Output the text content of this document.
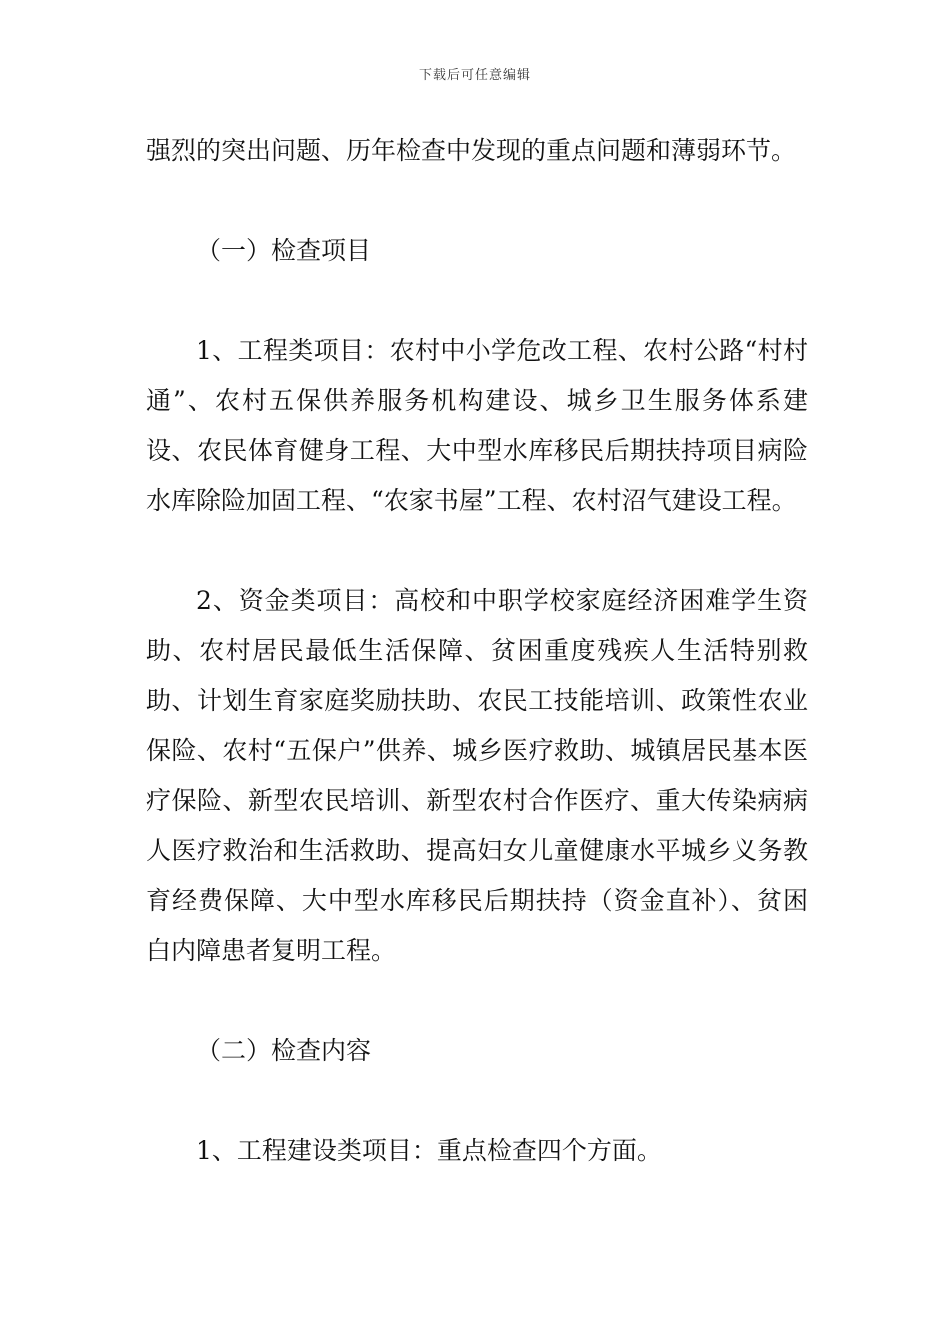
下载后可任意编辑

强烈的突出问题、历年检查中发现的重点问题和薄弱环节。

（一）检查项目

1、工程类项目：农村中小学危改工程、农村公路“村村通”、农村五保供养服务机构建设、城乡卫生服务体系建设、农民体育健身工程、大中型水库移民后期扶持项目病险水库除险加固工程、“农家书屋”工程、农村沼气建设工程。

2、资金类项目：高校和中职学校家庭经济困难学生资助、农村居民最低生活保障、贫困重度残疾人生活特别救助、计划生育家庭奖励扶助、农民工技能培训、政策性农业保险、农村“五保户”供养、城乡医疗救助、城镇居民基本医疗保险、新型农民培训、新型农村合作医疗、重大传染病病人医疗救治和生活救助、提高妇女儿童健康水平城乡义务教育经费保障、大中型水库移民后期扶持（资金直补）、贫困白内障患者复明工程。

（二）检查内容

1、工程建设类项目：重点检查四个方面。
